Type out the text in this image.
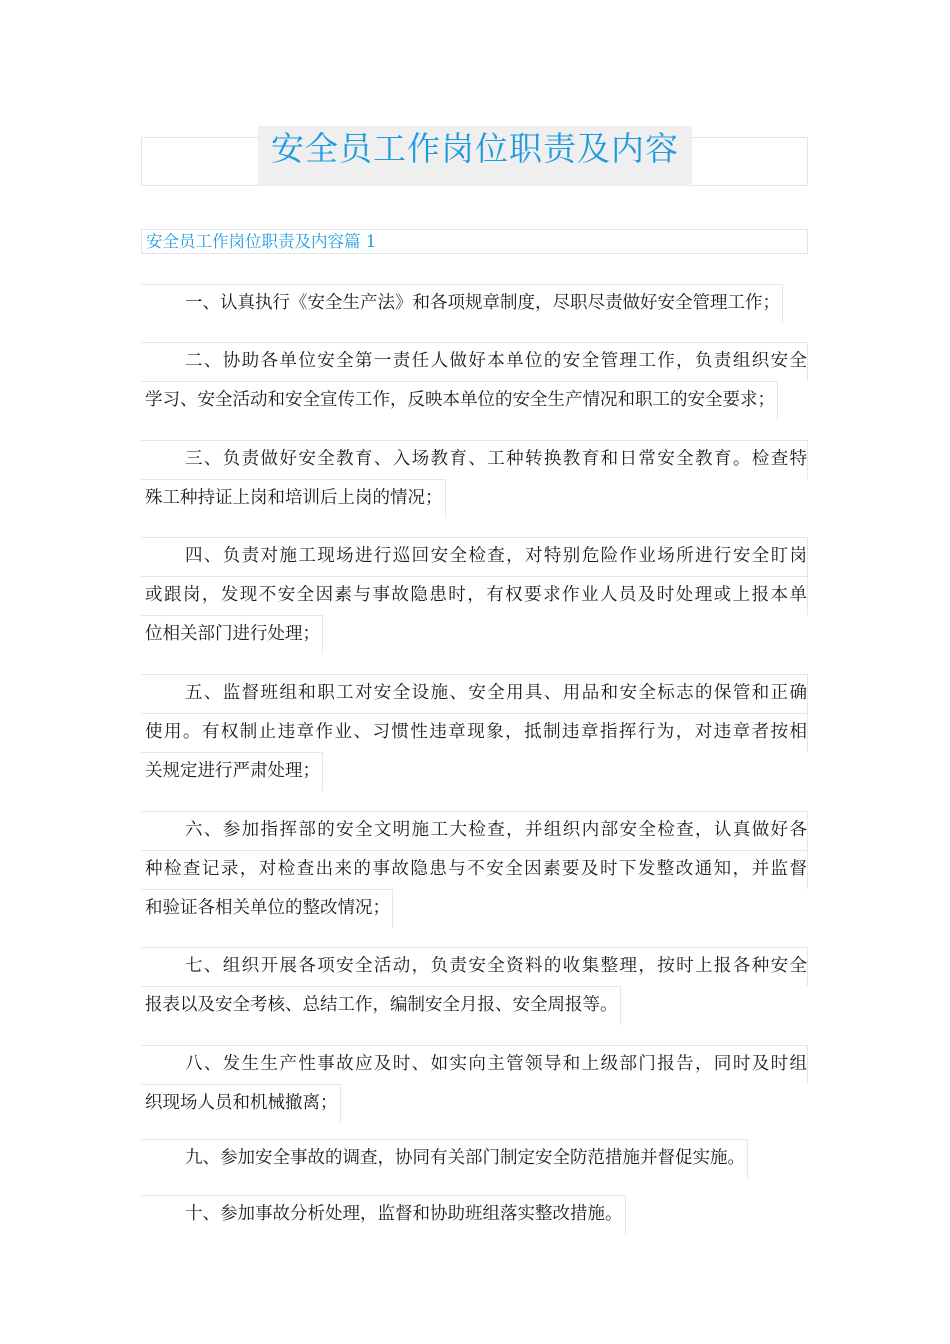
安全员工作岗位职责及内容
安全员工作岗位职责及内容篇 1
一、认真执行《安全生产法》和各项规章制度，尽职尽责做好安全管理工作；

二、协助各单位安全第一责任人做好本单位的安全管理工作，负责组织安全
学习、安全活动和安全宣传工作，反映本单位的安全生产情况和职工的安全要求；

三、负责做好安全教育、入场教育、工种转换教育和日常安全教育。检查特
殊工种持证上岗和培训后上岗的情况；

四、负责对施工现场进行巡回安全检查，对特别危险作业场所进行安全盯岗
或跟岗，发现不安全因素与事故隐患时，有权要求作业人员及时处理或上报本单
位相关部门进行处理；

五、监督班组和职工对安全设施、安全用具、用品和安全标志的保管和正确
使用。有权制止违章作业、习惯性违章现象，抵制违章指挥行为，对违章者按相
关规定进行严肃处理；

六、参加指挥部的安全文明施工大检查，并组织内部安全检查，认真做好各
种检查记录，对检查出来的事故隐患与不安全因素要及时下发整改通知，并监督
和验证各相关单位的整改情况；

七、组织开展各项安全活动，负责安全资料的收集整理，按时上报各种安全
报表以及安全考核、总结工作，编制安全月报、安全周报等。

八、发生生产性事故应及时、如实向主管领导和上级部门报告，同时及时组
织现场人员和机械撤离；

九、参加安全事故的调查，协同有关部门制定安全防范措施并督促实施。

十、参加事故分析处理，监督和协助班组落实整改措施。
